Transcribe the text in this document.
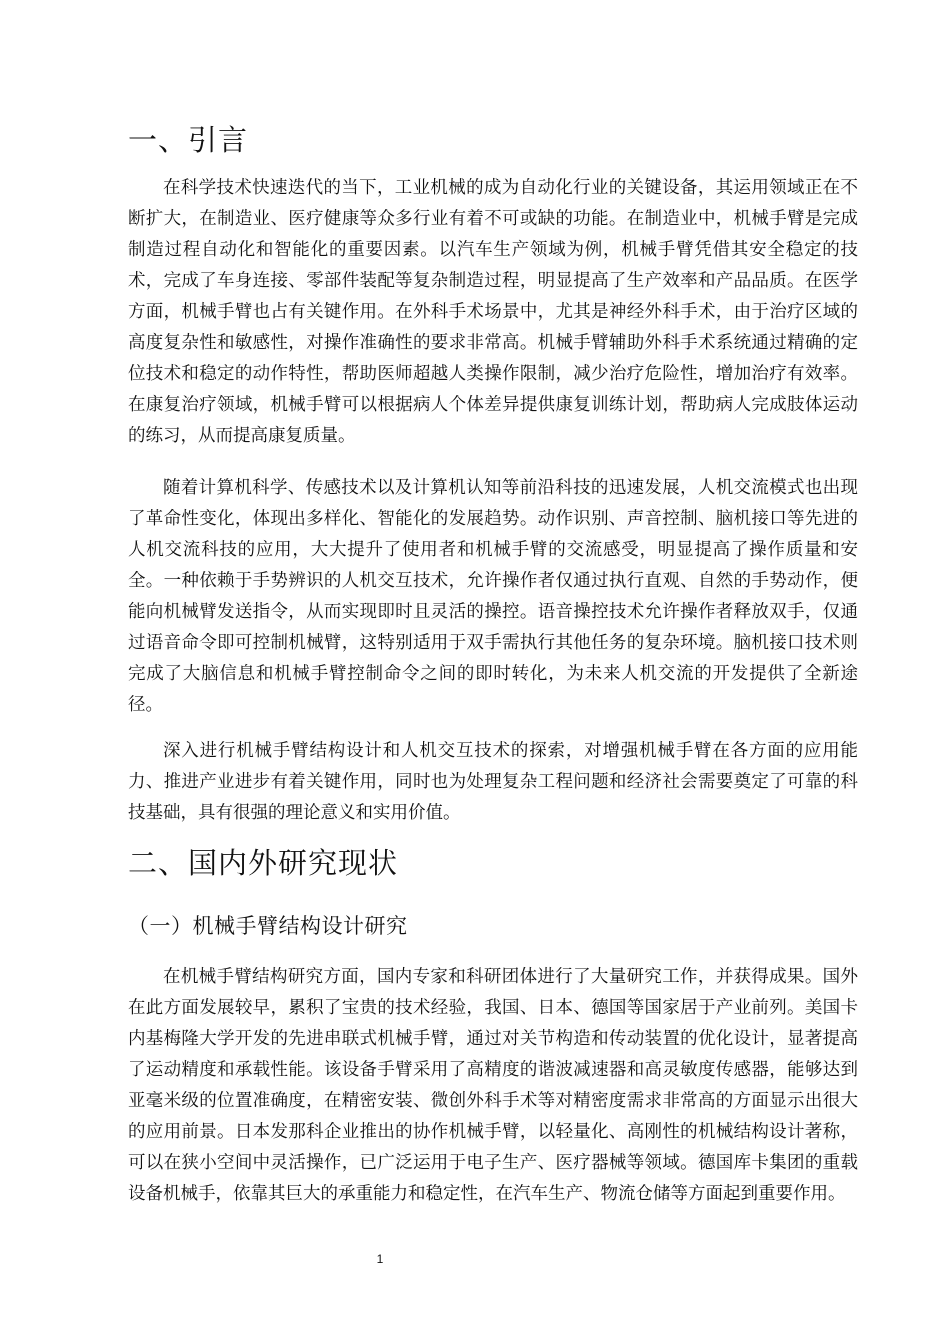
一、引言

在科学技术快速迭代的当下，工业机械的成为自动化行业的关键设备，其运用领域正在不断扩大，在制造业、医疗健康等众多行业有着不可或缺的功能。在制造业中，机械手臂是完成制造过程自动化和智能化的重要因素。以汽车生产领域为例，机械手臂凭借其安全稳定的技术，完成了车身连接、零部件装配等复杂制造过程，明显提高了生产效率和产品品质。在医学方面，机械手臂也占有关键作用。在外科手术场景中，尤其是神经外科手术，由于治疗区域的高度复杂性和敏感性，对操作准确性的要求非常高。机械手臂辅助外科手术系统通过精确的定位技术和稳定的动作特性，帮助医师超越人类操作限制，减少治疗危险性，增加治疗有效率。在康复治疗领域，机械手臂可以根据病人个体差异提供康复训练计划，帮助病人完成肢体运动的练习，从而提高康复质量。

随着计算机科学、传感技术以及计算机认知等前沿科技的迅速发展，人机交流模式也出现了革命性变化，体现出多样化、智能化的发展趋势。动作识别、声音控制、脑机接口等先进的人机交流科技的应用，大大提升了使用者和机械手臂的交流感受，明显提高了操作质量和安全。一种依赖于手势辨识的人机交互技术，允许操作者仅通过执行直观、自然的手势动作，便能向机械臂发送指令，从而实现即时且灵活的操控。语音操控技术允许操作者释放双手，仅通过语音命令即可控制机械臂，这特别适用于双手需执行其他任务的复杂环境。脑机接口技术则完成了大脑信息和机械手臂控制命令之间的即时转化，为未来人机交流的开发提供了全新途径。

深入进行机械手臂结构设计和人机交互技术的探索，对增强机械手臂在各方面的应用能力、推进产业进步有着关键作用，同时也为处理复杂工程问题和经济社会需要奠定了可靠的科技基础，具有很强的理论意义和实用价值。

二、国内外研究现状
（一）机械手臂结构设计研究

在机械手臂结构研究方面，国内专家和科研团体进行了大量研究工作，并获得成果。国外在此方面发展较早，累积了宝贵的技术经验，我国、日本、德国等国家居于产业前列。美国卡内基梅隆大学开发的先进串联式机械手臂，通过对关节构造和传动装置的优化设计，显著提高了运动精度和承载性能。该设备手臂采用了高精度的谐波减速器和高灵敏度传感器，能够达到亚毫米级的位置准确度，在精密安装、微创外科手术等对精密度需求非常高的方面显示出很大的应用前景。日本发那科企业推出的协作机械手臂，以轻量化、高刚性的机械结构设计著称，可以在狭小空间中灵活操作，已广泛运用于电子生产、医疗器械等领域。德国库卡集团的重载设备机械手，依靠其巨大的承重能力和稳定性，在汽车生产、物流仓储等方面起到重要作用。

1
